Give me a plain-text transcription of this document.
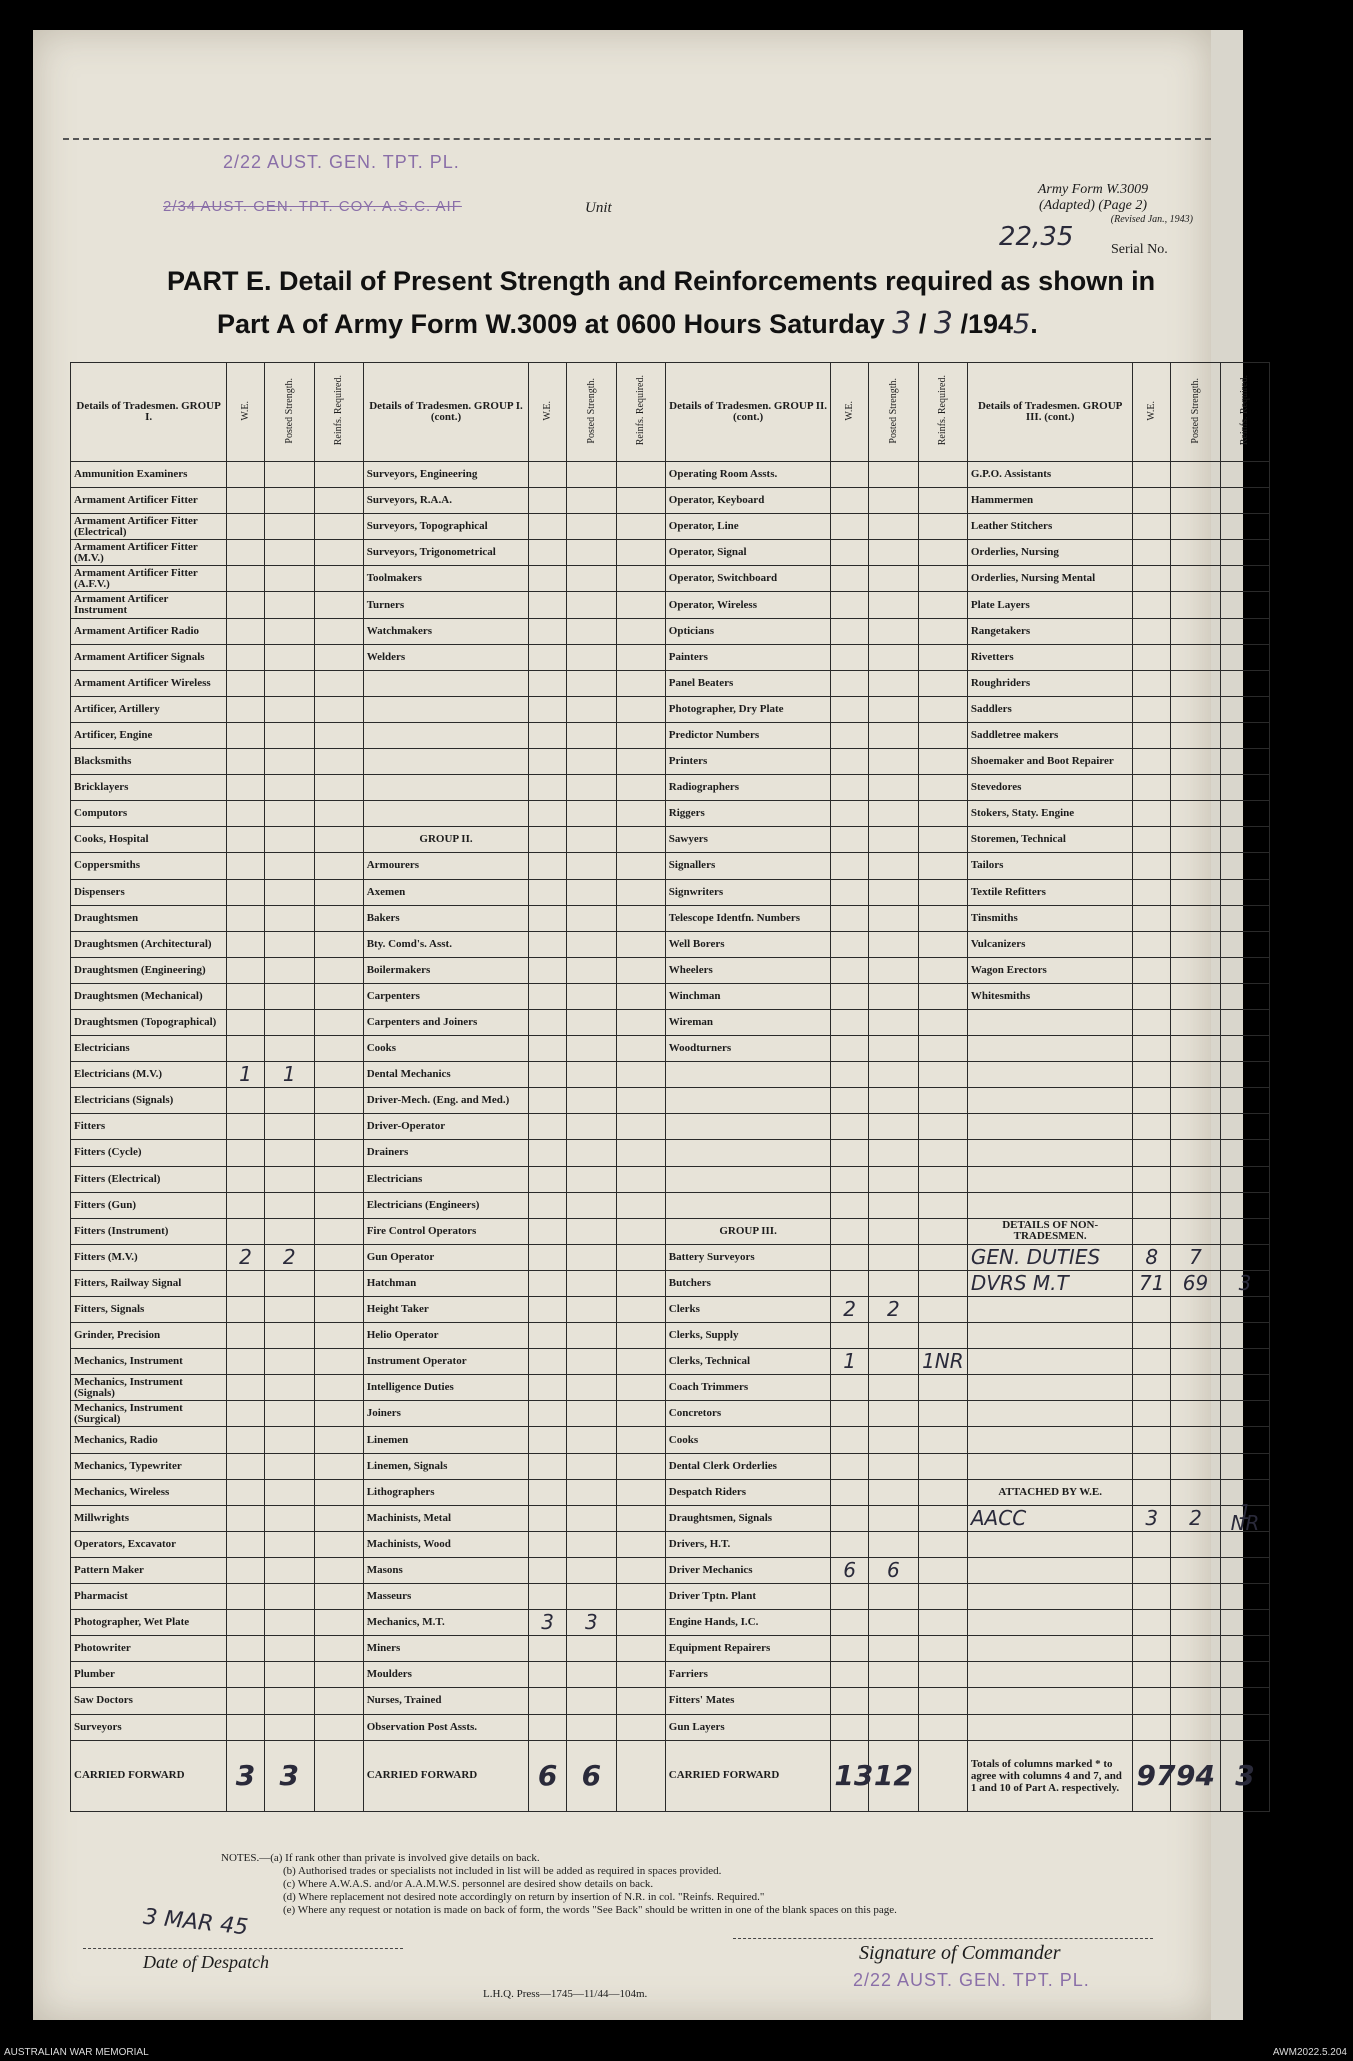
2/22 AUST. GEN. TPT. PL.
2/34 AUST. GEN. TPT. COY. A.S.C. AIF	Unit
Army Form W.3009
(Adapted) (Page 2)
(Revised Jan., 1943)
22,35	Serial No.
PART E. Detail of Present Strength and Reinforcements required as shown in
Part A of Army Form W.3009 at 0600 Hours Saturday 3 / 3 /1945.
NOTES.—(a) If rank other than private is involved give details on back.
(b) Authorised trades or specialists not included in list will be added as required in spaces provided.
(c) Where A.W.A.S. and/or A.A.M.W.S. personnel are desired show details on back.
(d) Where replacement not desired note accordingly on return by insertion of N.R. in col. "Reinfs. Required."
(e) Where any request or notation is made on back of form, the words "See Back" should be written in one of the blank spaces on this page.
3 MAR 45
Date of Despatch	Signature of Commander
2/22 AUST. GEN. TPT. PL.
L.H.Q. Press—1745—11/44—104m.
Details of Tradesmen. GROUP I.	W.E.	Posted Strength.	Reinfs. Required.	Details of Tradesmen. GROUP I. (cont.)	W.E.	Posted Strength.	Reinfs. Required.	Details of Tradesmen. GROUP II. (cont.)	W.E.	Posted Strength.	Reinfs. Required.	Details of Tradesmen. GROUP III. (cont.)	W.E.	Posted Strength.	Reinfs. Required.
Ammunition Examiners				Surveyors, Engineering				Operating Room Assts.				G.P.O. Assistants			
Armament Artificer Fitter				Surveyors, R.A.A.				Operator, Keyboard				Hammermen			
Armament Artificer Fitter (Electrical)				Surveyors, Topographical				Operator, Line				Leather Stitchers			
Armament Artificer Fitter (M.V.)				Surveyors, Trigonometrical				Operator, Signal				Orderlies, Nursing			
Armament Artificer Fitter (A.F.V.)				Toolmakers				Operator, Switchboard				Orderlies, Nursing Mental			
Armament Artificer Instrument				Turners				Operator, Wireless				Plate Layers			
Armament Artificer Radio				Watchmakers				Opticians				Rangetakers			
Armament Artificer Signals				Welders				Painters				Rivetters			
Armament Artificer Wireless								Panel Beaters				Roughriders			
Artificer, Artillery								Photographer, Dry Plate				Saddlers			
Artificer, Engine								Predictor Numbers				Saddletree makers			
Blacksmiths								Printers				Shoemaker and Boot Repairer			
Bricklayers								Radiographers				Stevedores			
Computors								Riggers				Stokers, Staty. Engine			
Cooks, Hospital				GROUP II.				Sawyers				Storemen, Technical			
Coppersmiths				Armourers				Signallers				Tailors			
Dispensers				Axemen				Signwriters				Textile Refitters			
Draughtsmen				Bakers				Telescope Identfn. Numbers				Tinsmiths			
Draughtsmen (Architectural)				Bty. Comd's. Asst.				Well Borers				Vulcanizers			
Draughtsmen (Engineering)				Boilermakers				Wheelers				Wagon Erectors			
Draughtsmen (Mechanical)				Carpenters				Winchman				Whitesmiths			
Draughtsmen (Topographical)				Carpenters and Joiners				Wireman							
Electricians				Cooks				Woodturners							
Electricians (M.V.)	1	1		Dental Mechanics											
Electricians (Signals)				Driver-Mech. (Eng. and Med.)											
Fitters				Driver-Operator											
Fitters (Cycle)				Drainers											
Fitters (Electrical)				Electricians											
Fitters (Gun)				Electricians (Engineers)											
Fitters (Instrument)				Fire Control Operators				GROUP III.				DETAILS OF NON-TRADESMEN.			
Fitters (M.V.)	2	2		Gun Operator				Battery Surveyors				GEN. DUTIES	8	7	
Fitters, Railway Signal				Hatchman				Butchers				DVRS M.T	71	69	3
Fitters, Signals				Height Taker				Clerks	2	2					
Grinder, Precision				Helio Operator				Clerks, Supply							
Mechanics, Instrument				Instrument Operator				Clerks, Technical	1		1NR				
Mechanics, Instrument (Signals)				Intelligence Duties				Coach Trimmers							
Mechanics, Instrument (Surgical)				Joiners				Concretors							
Mechanics, Radio				Linemen				Cooks							
Mechanics, Typewriter				Linemen, Signals				Dental Clerk Orderlies							
Mechanics, Wireless				Lithographers				Despatch Riders				ATTACHED BY W.E.			
Millwrights				Machinists, Metal				Draughtsmen, Signals				AACC	3	2	1 NR
Operators, Excavator				Machinists, Wood				Drivers, H.T.							
Pattern Maker				Masons				Driver Mechanics	6	6					
Pharmacist				Masseurs				Driver Tptn. Plant							
Photographer, Wet Plate				Mechanics, M.T.	3	3		Engine Hands, I.C.							
Photowriter				Miners				Equipment Repairers							
Plumber				Moulders				Farriers							
Saw Doctors				Nurses, Trained				Fitters' Mates							
Surveyors				Observation Post Assts.				Gun Layers							
CARRIED FORWARD	3	3		CARRIED FORWARD	6	6		CARRIED FORWARD	13	12		Totals of columns marked * to agree with columns 4 and 7, and 1 and 10 of Part A. respectively.	97	94	3
AUSTRALIAN WAR MEMORIAL	AWM2022.5.204
